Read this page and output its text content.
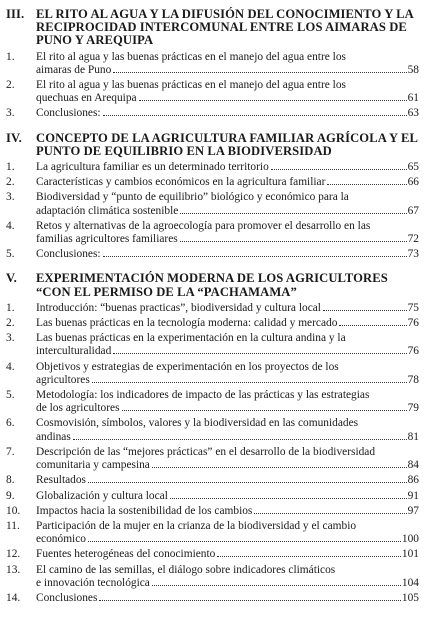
III. EL RITO AL AGUA Y LA DIFUSIÓN DEL CONOCIMIENTO Y LA RECIPROCIDAD INTERCOMUNAL ENTRE LOS AIMARAS DE PUNO Y AREQUIPA
1.	El rito al agua y las buenas prácticas en el manejo del agua entre los
aimaras de Puno	58
2.	El rito al agua y las buenas prácticas en el manejo del agua entre los
quechuas en Arequipa	61
3.	Conclusiones:	63
IV.	CONCEPTO DE LA AGRICULTURA FAMILIAR AGRÍCOLA Y EL PUNTO DE EQUILIBRIO EN LA BIODIVERSIDAD
1.	La agricultura familiar es un determinado territorio	65
2.	Características y cambios económicos en la agricultura familiar	66
3.	Biodiversidad y “punto de equilibrio” biológico y económico para la
adaptación climática sostenible	67
4.	Retos y alternativas de la agroecología para promover el desarrollo en las
familias agricultores familiares	72
5.	Conclusiones:	73
V.	EXPERIMENTACIÓN MODERNA DE LOS AGRICULTORES “CON EL PERMISO DE LA “PACHAMAMA”
1.	Introducción: “buenas practicas”, biodiversidad y cultura local	75
2.	Las buenas prácticas en la tecnología moderna: calidad y mercado	76
3.	Las buenas prácticas en la experimentación en la cultura andina y la
interculturalidad	76
4.	Objetivos y estrategias de experimentación en los proyectos de los
agricultores	78
5.	Metodología: los indicadores de impacto de las prácticas y las estrategias
de los agricultores	79
6.	Cosmovisión, símbolos, valores y la biodiversidad en las comunidades
andinas	81
7.	Descripción de las “mejores prácticas” en el desarrollo de la biodiversidad
comunitaria y campesina	84
8.	Resultados	86
9.	Globalización y cultura local	91
10.	Impactos hacia la sostenibilidad de los cambios	97
11.	Participación de la mujer en la crianza de la biodiversidad y el cambio
económico	100
12.	Fuentes heterogéneas del conocimiento	101
13.	El camino de las semillas, el diálogo sobre indicadores climáticos
e innovación tecnológica	104
14.	Conclusiones	105
